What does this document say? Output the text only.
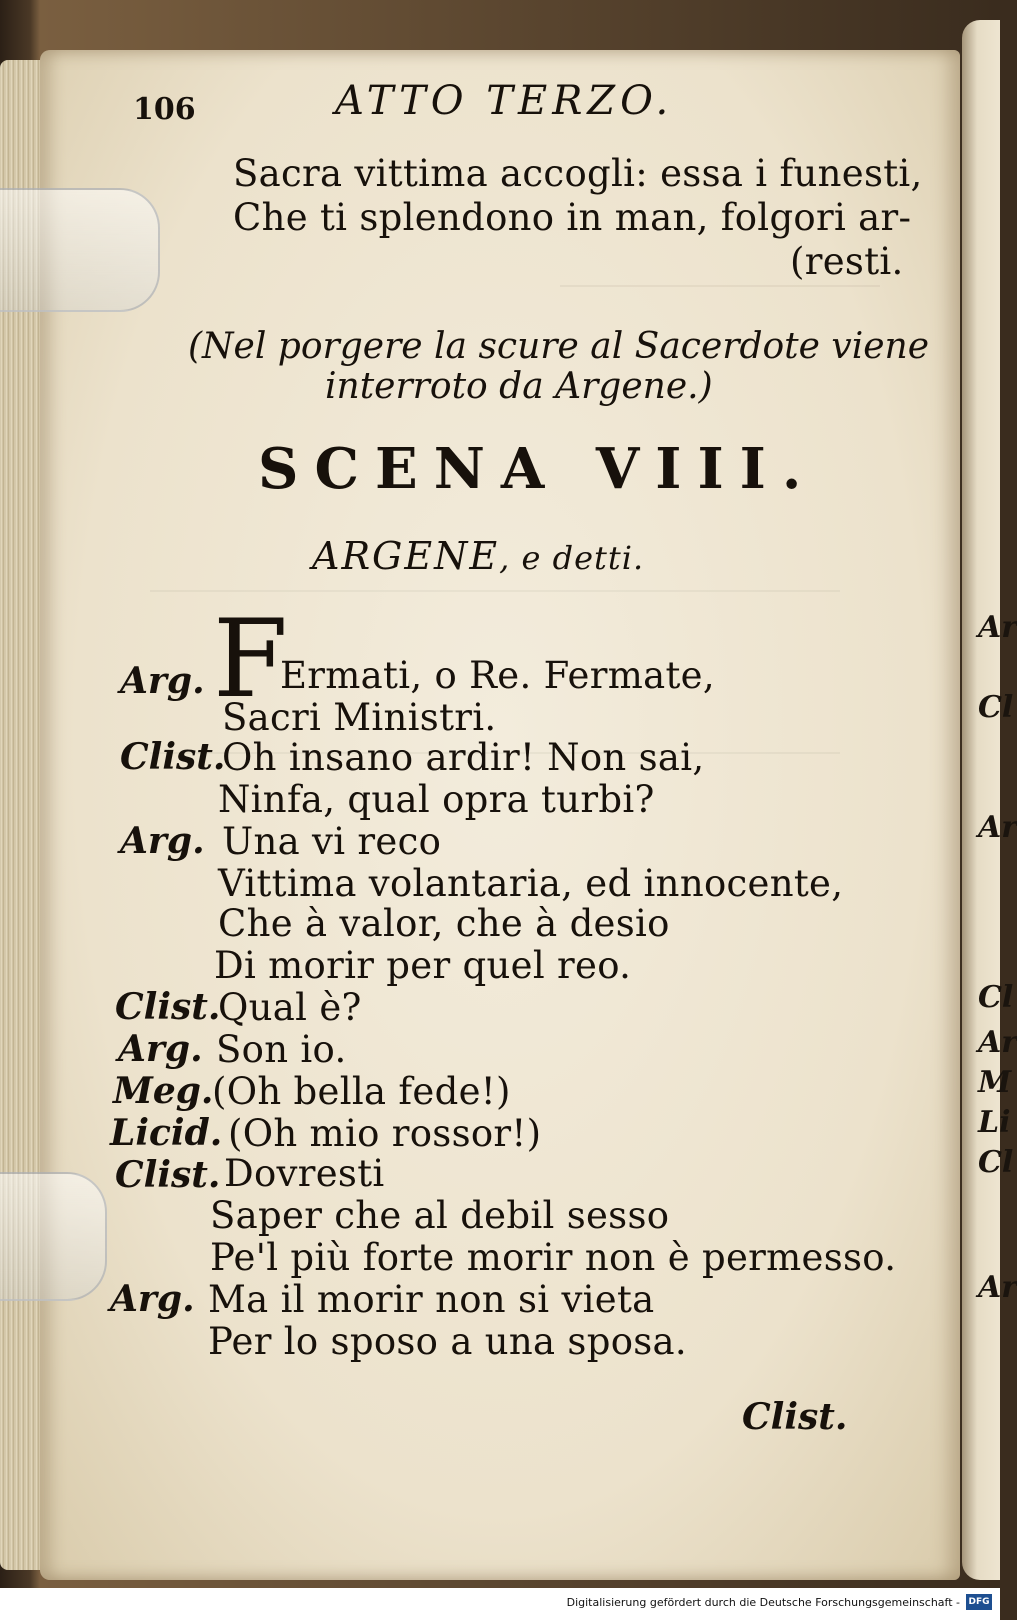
Ar
Cl
Ar
Cl
Ar
M
Li
Cl
Ar
106	ATTO TERZO.
Sacra vittima accogli: essa i funesti,
Che ti splendono in man, folgori ar-
(resti.
(Nel porgere la scure al Sacerdote viene
interroto da Argene.)
SCENA VIII.
ARGENE, e detti.
Arg. F
Ermati, o Re. Fermate,
Sacri Ministri.
Clist.
Oh insano ardir! Non sai,
Ninfa, qual opra turbi?
Arg. Una vi reco
Vittima volantaria, ed innocente,
Che à valor, che à desio
Di morir per quel reo.
Clist.
Qual è?
Arg. Son io.
Meg.
(Oh bella fede!)
Licid. (Oh mio rossor!)
Clist. Dovresti
Saper che al debil sesso
Pe'l più forte morir non è permesso.
Arg. Ma il morir non si vieta
Per lo sposo a una sposa.
Clist.
Digitalisierung gefördert durch die Deutsche Forschungsgemeinschaft - DFG
